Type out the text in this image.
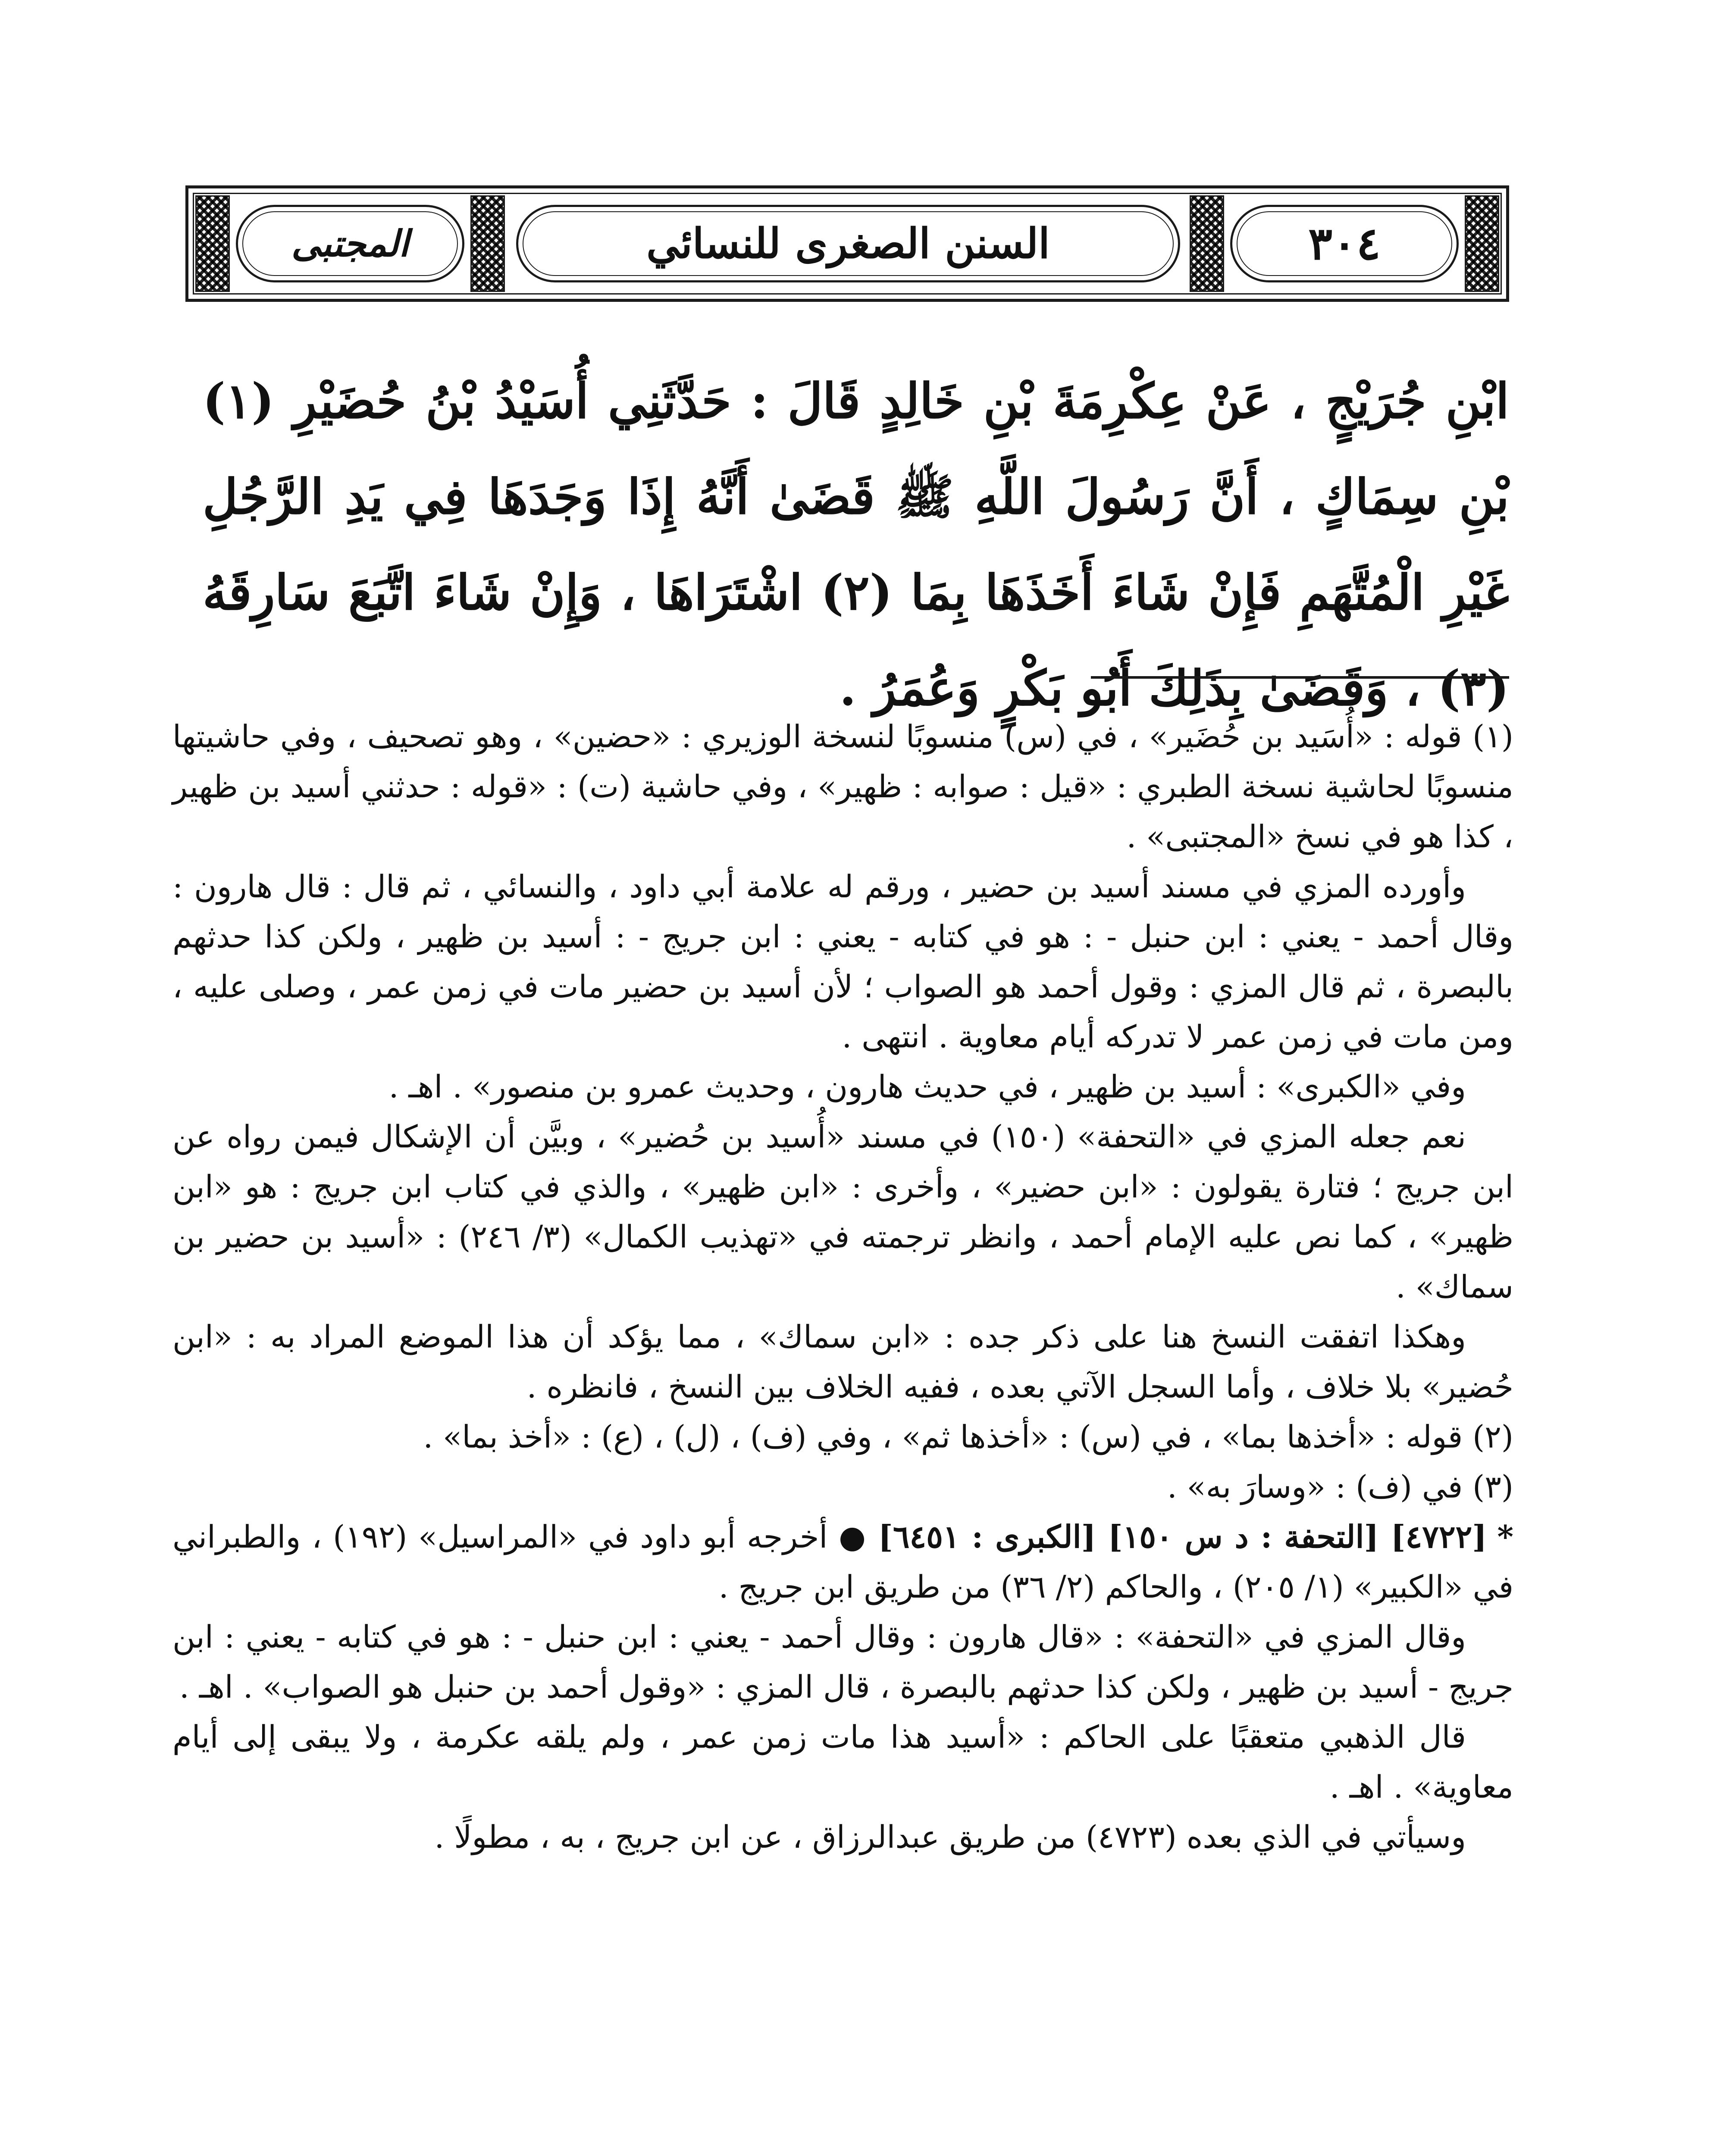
المجتبى	السنن الصغرى للنسائي	٣٠٤
ابْنِ جُرَيْجٍ ، عَنْ عِكْرِمَةَ بْنِ خَالِدٍ قَالَ : حَدَّثَنِي أُسَيْدُ بْنُ حُضَيْرِ (١) بْنِ سِمَاكٍ ، أَنَّ رَسُولَ اللَّهِ ﷺ قَضَىٰ أَنَّهُ إِذَا وَجَدَهَا فِي يَدِ الرَّجُلِ غَيْرِ الْمُتَّهَمِ فَإِنْ شَاءَ أَخَذَهَا بِمَا (٢) اشْتَرَاهَا ، وَإِنْ شَاءَ اتَّبَعَ سَارِقَهُ (٣) ، وَقَضَىٰ بِذَلِكَ أَبُو بَكْرٍ وَعُمَرُ .

(١) قوله : «أُسَيد بن حُضَير» ، في (س) منسوبًا لنسخة الوزيري : «حضين» ، وهو تصحيف ، وفي حاشيتها منسوبًا لحاشية نسخة الطبري : «قيل : صوابه : ظهير» ، وفي حاشية (ت) : «قوله : حدثني أسيد بن ظهير ، كذا هو في نسخ «المجتبى» .

وأورده المزي في مسند أسيد بن حضير ، ورقم له علامة أبي داود ، والنسائي ، ثم قال : قال هارون : وقال أحمد - يعني : ابن حنبل - : هو في كتابه - يعني : ابن جريج - : أسيد بن ظهير ، ولكن كذا حدثهم بالبصرة ، ثم قال المزي : وقول أحمد هو الصواب ؛ لأن أسيد بن حضير مات في زمن عمر ، وصلى عليه ، ومن مات في زمن عمر لا تدركه أيام معاوية . انتهى .

وفي «الكبرى» : أسيد بن ظهير ، في حديث هارون ، وحديث عمرو بن منصور» . اهـ .

نعم جعله المزي في «التحفة» (١٥٠) في مسند «أُسيد بن حُضير» ، وبيَّن أن الإشكال فيمن رواه عن ابن جريج ؛ فتارة يقولون : «ابن حضير» ، وأخرى : «ابن ظهير» ، والذي في كتاب ابن جريج : هو «ابن ظهير» ، كما نص عليه الإمام أحمد ، وانظر ترجمته في «تهذيب الكمال» (٣/ ٢٤٦) : «أسيد بن حضير بن سماك» .

وهكذا اتفقت النسخ هنا على ذكر جده : «ابن سماك» ، مما يؤكد أن هذا الموضع المراد به : «ابن حُضير» بلا خلاف ، وأما السجل الآتي بعده ، ففيه الخلاف بين النسخ ، فانظره .

(٢) قوله : «أخذها بما» ، في (س) : «أخذها ثم» ، وفي (ف) ، (ل) ، (ع) : «أخذ بما» .

(٣) في (ف) : «وسارَ به» .

*[٤٧٢٢] [التحفة : د س ١٥٠] [الكبرى : ٦٤٥١] ● أخرجه أبو داود في «المراسيل» (١٩٢) ، والطبراني في «الكبير» (١/ ٢٠٥) ، والحاكم (٢/ ٣٦) من طريق ابن جريج .

وقال المزي في «التحفة» : «قال هارون : وقال أحمد - يعني : ابن حنبل - : هو في كتابه - يعني : ابن جريج - أسيد بن ظهير ، ولكن كذا حدثهم بالبصرة ، قال المزي : «وقول أحمد بن حنبل هو الصواب» . اهـ .

قال الذهبي متعقبًا على الحاكم : «أسيد هذا مات زمن عمر ، ولم يلقه عكرمة ، ولا يبقى إلى أيام معاوية» . اهـ .

وسيأتي في الذي بعده (٤٧٢٣) من طريق عبدالرزاق ، عن ابن جريج ، به ، مطولًا .
